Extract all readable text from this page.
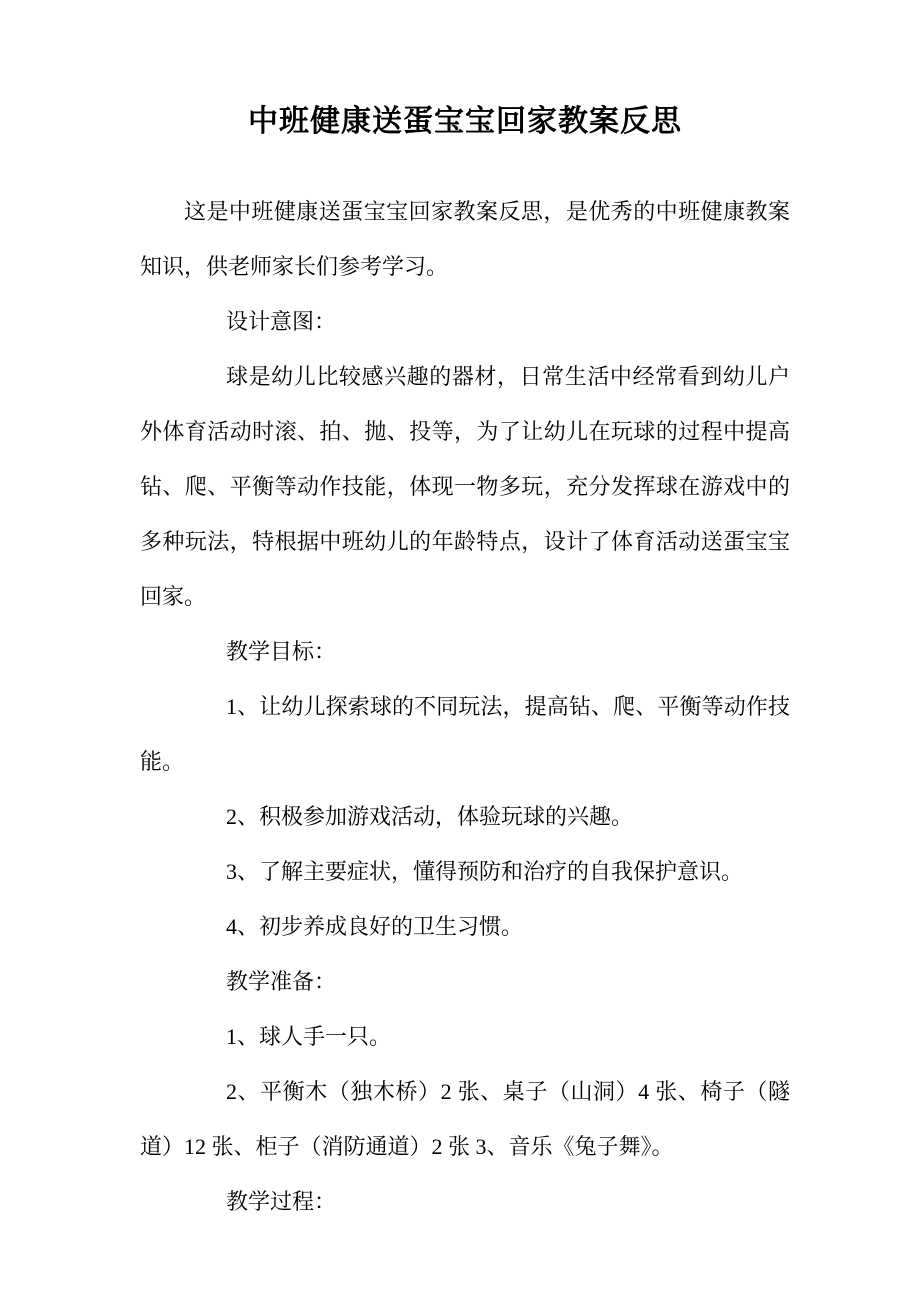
中班健康送蛋宝宝回家教案反思

这是中班健康送蛋宝宝回家教案反思，是优秀的中班健康教案知识，供老师家长们参考学习。

设计意图：

球是幼儿比较感兴趣的器材，日常生活中经常看到幼儿户外体育活动时滚、拍、抛、投等，为了让幼儿在玩球的过程中提高钻、爬、平衡等动作技能，体现一物多玩，充分发挥球在游戏中的多种玩法，特根据中班幼儿的年龄特点，设计了体育活动送蛋宝宝回家。

教学目标：

1、让幼儿探索球的不同玩法，提高钻、爬、平衡等动作技能。

2、积极参加游戏活动，体验玩球的兴趣。

3、了解主要症状，懂得预防和治疗的自我保护意识。

4、初步养成良好的卫生习惯。

教学准备：

1、球人手一只。

2、平衡木（独木桥）2 张、桌子（山洞）4 张、椅子（隧道）12 张、柜子（消防通道）2 张 3、音乐《兔子舞》。

教学过程：
